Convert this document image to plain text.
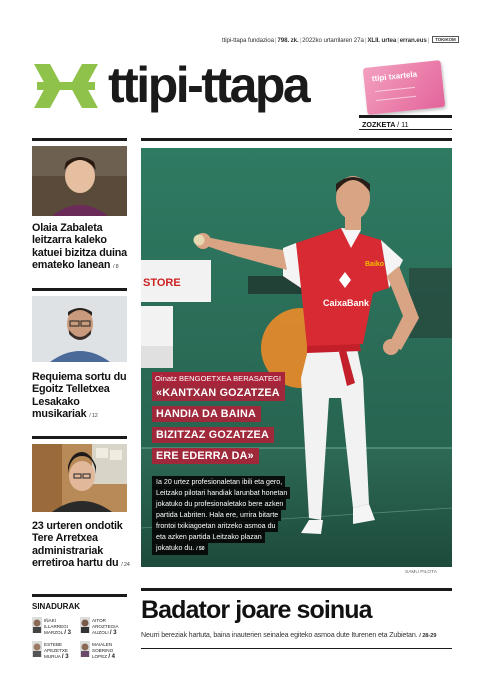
ttipi-ttapa fundazioa|798. zk.|2022ko urtarrilaren 27a|XLII. urtea|erran.eus| TOKIKOM
ttipi-ttapa	ttipi txartela
ZOZKETA / 11
Olaia Zabaleta leitzarra kaleko katuei bizitza duina emateko lanean / 8
Requiema sortu du Egoitz Telletxea Lesakako musikariak / 12
23 urteren ondotik Tere Arretxea administrariak erretiroa hartu du / 24
SINADURAK
IÑAKI
ILLARREGI
MARZOL / 3
AITOR
AROZTEGIA
AUZOLI / 3
ESTEBE
APEZETXE
MURUA / 3
MAIALEN
SOBRINO
LOPEZ / 4
STORE
CaixaBank
Baiko
SAMU PILOTA
Oinatz BENGOETXEA BERASATEGI
«KANTXAN GOZATZEA
HANDIA DA BAINA
BIZITZAZ GOZATZEA
ERE EDERRA DA»
Ia 20 urtez profesionaletan ibili eta gero,
Leitzako pilotari handiak larunbat honetan
jokatuko du profesionaletako bere azken
partida Labriten. Hala ere, urrira bitarte
frontoi txikiagoetan aritzeko asmoa du
eta azken partida Leitzako plazan
jokatuko du. / 50
Badator joare soinua
Neurri bereziak hartuta, baina inauterien seinalea egiteko asmoa dute Iturenen eta Zubietan. / 28-29
